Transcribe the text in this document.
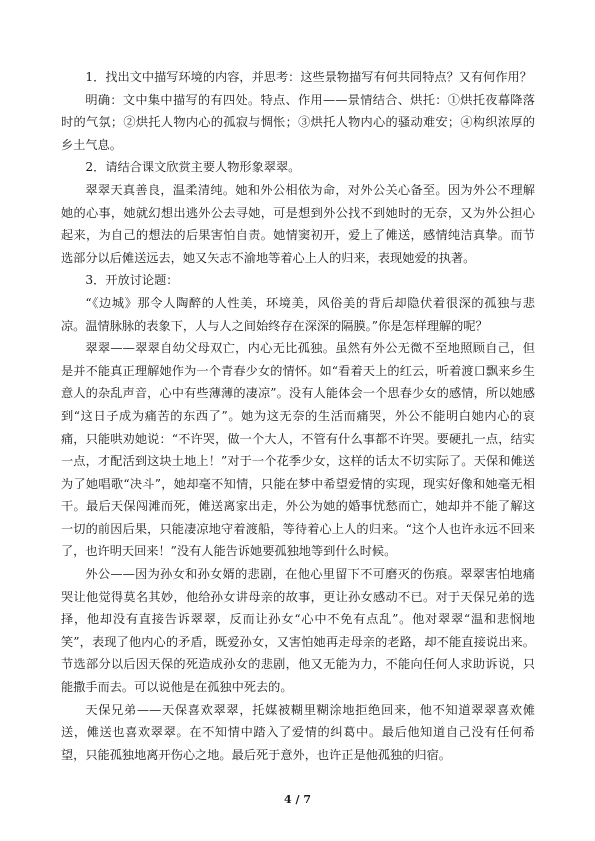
1．找出文中描写环境的内容，并思考：这些景物描写有何共同特点？又有何作用？

明确：文中集中描写的有四处。特点、作用——景情结合、烘托：①烘托夜幕降落时的气氛；②烘托人物内心的孤寂与惆怅；③烘托人物内心的骚动难安；④构织浓厚的乡土气息。

2．请结合课文欣赏主要人物形象翠翠。

翠翠天真善良，温柔清纯。她和外公相依为命，对外公关心备至。因为外公不理解她的心事，她就幻想出逃外公去寻她，可是想到外公找不到她时的无奈，又为外公担心起来，为自己的想法的后果害怕自责。她情窦初开，爱上了傩送，感情纯洁真挚。而节选部分以后傩送远去，她又矢志不渝地等着心上人的归来，表现她爱的执著。

3．开放讨论题：

“《边城》那令人陶醉的人性美，环境美，风俗美的背后却隐伏着很深的孤独与悲凉。温情脉脉的表象下，人与人之间始终存在深深的隔膜。”你是怎样理解的呢？

翠翠——翠翠自幼父母双亡，内心无比孤独。虽然有外公无微不至地照顾自己，但是并不能真正理解她作为一个青春少女的情怀。如“看着天上的红云，听着渡口飘来乡生意人的杂乱声音，心中有些薄薄的凄凉”。没有人能体会一个思春少女的感情，所以她感到“这日子成为痛苦的东西了”。她为这无奈的生活而痛哭，外公不能明白她内心的哀痛，只能哄劝她说：“不许哭，做一个大人，不管有什么事都不许哭。要硬扎一点，结实一点，才配活到这块土地上！”对于一个花季少女，这样的话太不切实际了。天保和傩送为了她唱歌“决斗”，她却毫不知情，只能在梦中希望爱情的实现，现实好像和她毫无相干。最后天保闯滩而死，傩送离家出走，外公为她的婚事忧愁而亡，她却并不能了解这一切的前因后果，只能凄凉地守着渡船，等待着心上人的归来。“这个人也许永远不回来了，也许明天回来！”没有人能告诉她要孤独地等到什么时候。

外公——因为孙女和孙女婿的悲剧，在他心里留下不可磨灭的伤痕。翠翠害怕地痛哭让他觉得莫名其妙，他给孙女讲母亲的故事，更让孙女感动不已。对于天保兄弟的选择，他却没有直接告诉翠翠，反而让孙女“心中不免有点乱”。他对翠翠“温和悲悯地笑”，表现了他内心的矛盾，既爱孙女，又害怕她再走母亲的老路，却不能直接说出来。节选部分以后因天保的死造成孙女的悲剧，他又无能为力，不能向任何人求助诉说，只能撒手而去。可以说他是在孤独中死去的。

天保兄弟——天保喜欢翠翠，托媒被糊里糊涂地拒绝回来，他不知道翠翠喜欢傩送，傩送也喜欢翠翠。在不知情中踏入了爱情的纠葛中。最后他知道自己没有任何希望，只能孤独地离开伤心之地。最后死于意外，也许正是他孤独的归宿。

4 / 7
